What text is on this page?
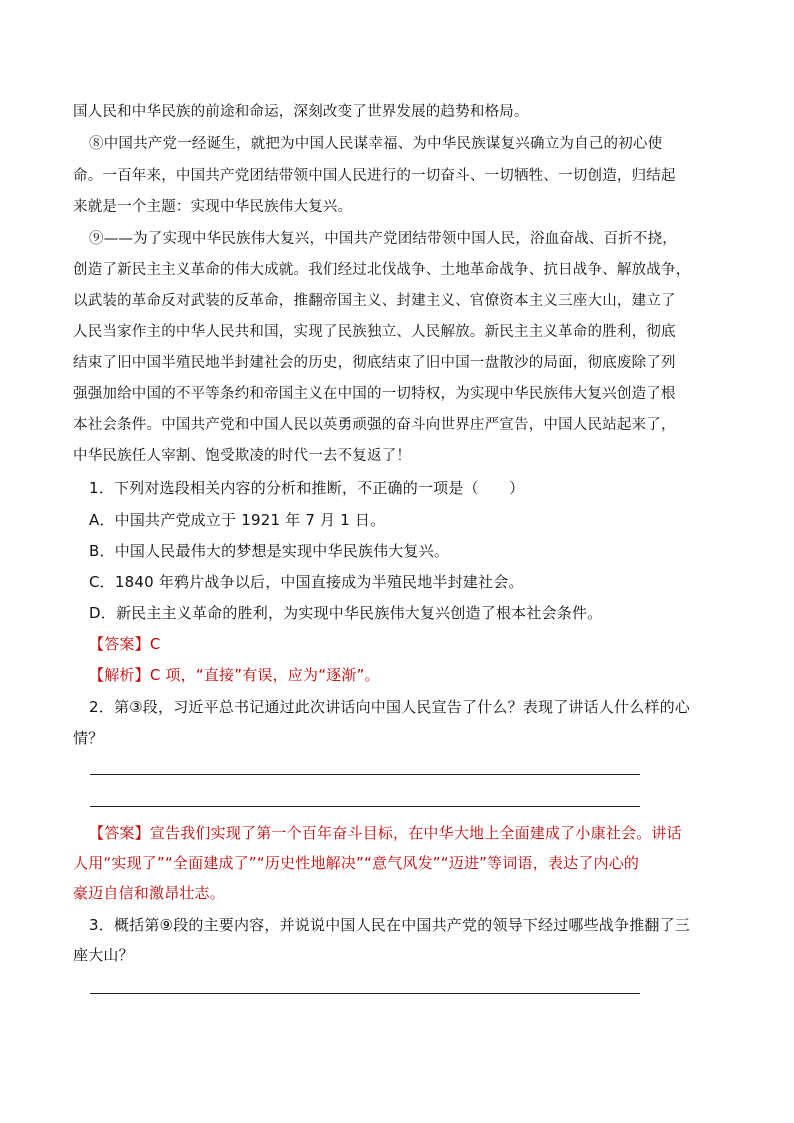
国人民和中华民族的前途和命运，深刻改变了世界发展的趋势和格局。
⑧中国共产党一经诞生，就把为中国人民谋幸福、为中华民族谋复兴确立为自己的初心使
命。一百年来，中国共产党团结带领中国人民进行的一切奋斗、一切牺牲、一切创造，归结起
来就是一个主题：实现中华民族伟大复兴。
⑨——为了实现中华民族伟大复兴，中国共产党团结带领中国人民，浴血奋战、百折不挠，
创造了新民主主义革命的伟大成就。我们经过北伐战争、土地革命战争、抗日战争、解放战争，
以武装的革命反对武装的反革命，推翻帝国主义、封建主义、官僚资本主义三座大山，建立了
人民当家作主的中华人民共和国，实现了民族独立、人民解放。新民主主义革命的胜利，彻底
结束了旧中国半殖民地半封建社会的历史，彻底结束了旧中国一盘散沙的局面，彻底废除了列
强强加给中国的不平等条约和帝国主义在中国的一切特权，为实现中华民族伟大复兴创造了根
本社会条件。中国共产党和中国人民以英勇顽强的奋斗向世界庄严宣告，中国人民站起来了，
中华民族任人宰割、饱受欺凌的时代一去不复返了！
1．下列对选段相关内容的分析和推断，不正确的一项是（　　）
A．中国共产党成立于 1921 年 7 月 1 日。
B．中国人民最伟大的梦想是实现中华民族伟大复兴。
C．1840 年鸦片战争以后，中国直接成为半殖民地半封建社会。
D．新民主主义革命的胜利，为实现中华民族伟大复兴创造了根本社会条件。
【答案】C
【解析】C 项，“直接”有误，应为“逐渐”。
2．第③段，习近平总书记通过此次讲话向中国人民宣告了什么？表现了讲话人什么样的心
情？
【答案】宣告我们实现了第一个百年奋斗目标，在中华大地上全面建成了小康社会。讲话
人用“实现了”“全面建成了”“历史性地解决”“意气风发”“迈进”等词语，表达了内心的
豪迈自信和激昂壮志。
3．概括第⑨段的主要内容，并说说中国人民在中国共产党的领导下经过哪些战争推翻了三
座大山？
